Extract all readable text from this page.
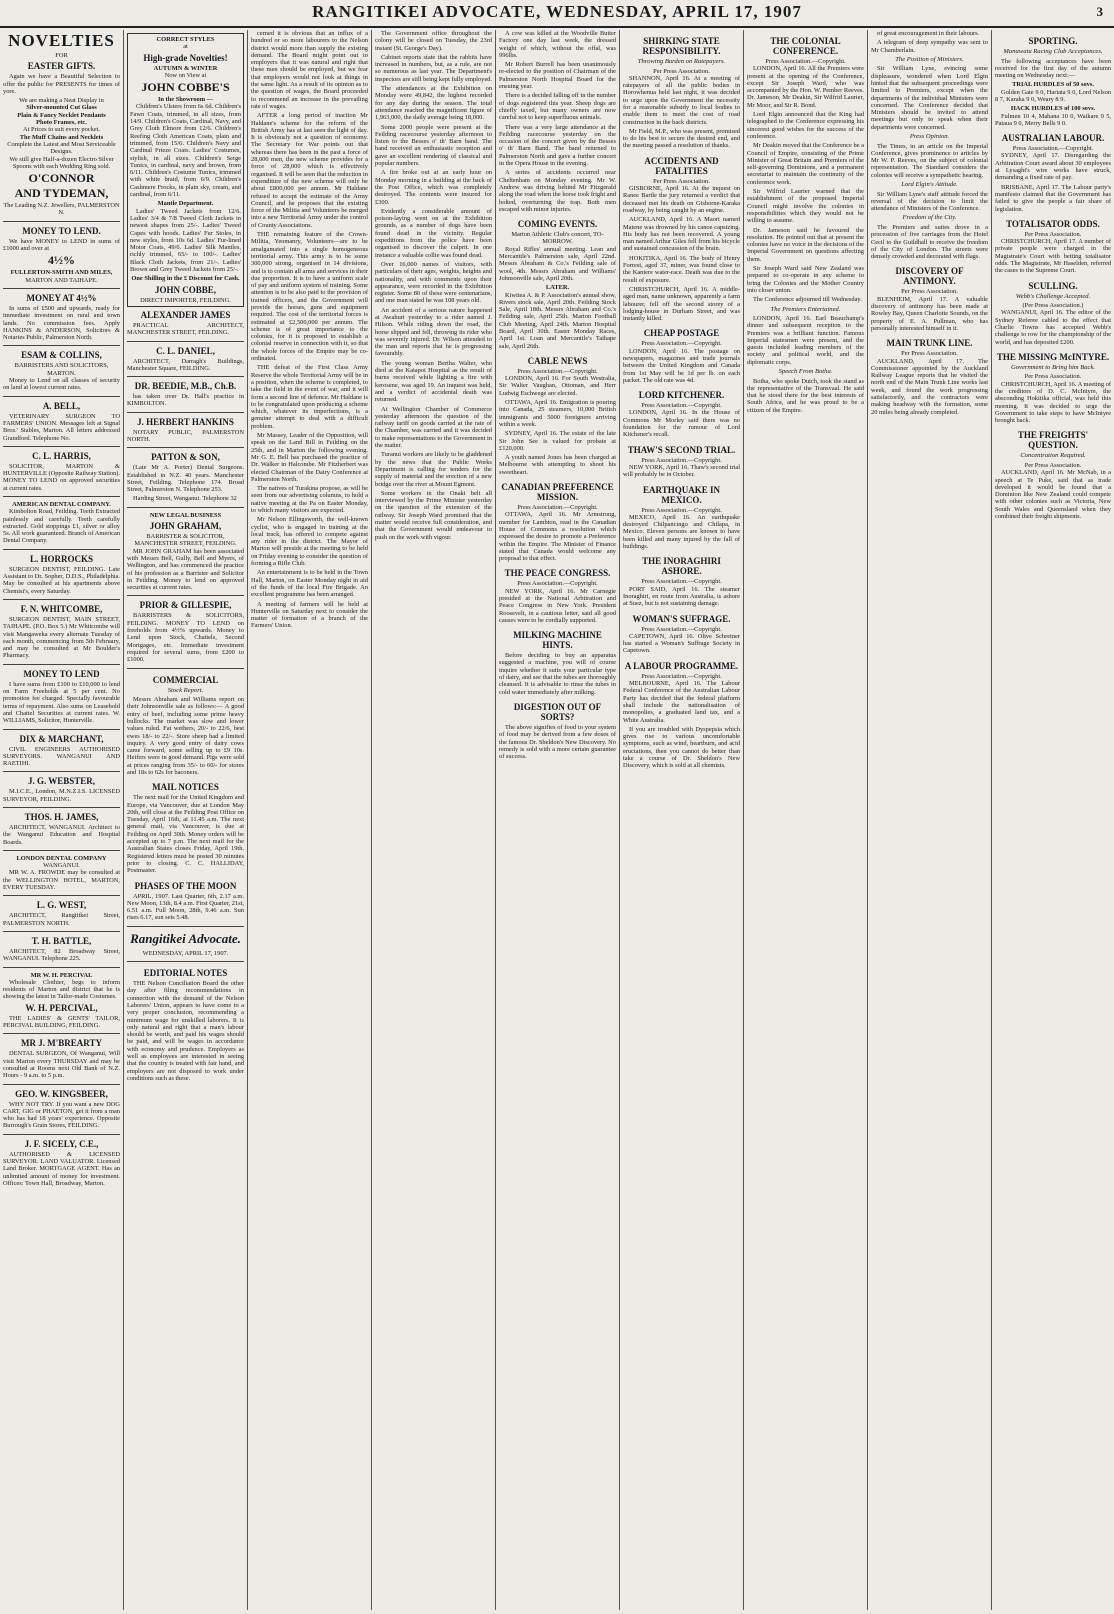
RANGITIKEI ADVOCATE, WEDNESDAY, APRIL 17, 1907	3
NOVELTIES
FOR
EASTER GIFTS.

Again we have a Beautiful Selection to offer the public for PRESENTS for times of yore.

We are making a Neat Display in
Silver-mounted Cut Glass
Plain & Fancy Necklet Pendants
Photo Frames, etc.
At Prices to suit every pocket.
The Muff Chains and Necklets
Complete the Latest and Most Serviceable Designs.
We still give Half-a-dozen Electro Silver Spoons with each Wedding Ring sold.
O'CONNOR
AND TYDEMAN,
The Leading N.Z. Jewellers, PALMERSTON N.
MONEY TO LEND.

We have MONEY to LEND in sums of £1000 and over at

4½%
FULLERTON-SMITH AND MILES,
MARTON AND TAIHAPE.
MONEY AT 4½%

In sums of £500 and upwards, ready for immediate investment on rural and town lands. No commission fees. Apply HANKINS & ANDERSON, Solicitors & Notaries Public, Palmerston North.

ESAM & COLLINS,
BARRISTERS AND SOLICITORS, MARTON.

Money to Lend on all classes of security on land at lowest current rates.

A. BELL,

VETERINARY SURGEON TO FARMERS' UNION. Messages left at Signal Bros.' Stables, Marton. All letters addressed Grandford. Telephone No.

C. L. HARRIS,

SOLICITOR, MARTON & HUNTERVILLE (Opposite Railway Station). MONEY TO LEND on approved securities at current rates.

AMERICAN DENTAL COMPANY.

Kimbolton Road, Feilding. Teeth Extracted painlessly and carefully. Teeth carefully extracted. Gold stoppings £1, silver or alloy 5s. All work guaranteed. Branch of American Dental Company.

L. HORROCKS

SURGEON DENTIST, FEILDING. Late Assistant to Dr. Sopher, D.D.S., Philadelphia. May be consulted at his apartments above Chemist's, every Saturday.

F. N. WHITCOMBE,

SURGEON DENTIST, MAIN STREET, TAIHAPE. (P.O. Box 5.) Mr Whitcombe will visit Mangaweka every alternate Tuesday of each month, commencing from 5th February, and may be consulted at Mr Boulder's Pharmacy.

MONEY TO LEND

I have sums from £100 to £10,000 to lend on Farm Freeholds at 5 per cent. No promotion fee charged. Specially favourable terms of repayment. Also sums on Leasehold and Chattel Securities at current rates. W. WILLIAMS, Solicitor, Hunterville.

DIX & MARCHANT,

CIVIL ENGINEERS AUTHORISED SURVEYORS. WANGANUI AND RAETIHI.

J. G. WEBSTER,

M.I.C.E., London, M.N.Z.I.S. LICENSED SURVEYOR, FEILDING.

THOS. H. JAMES,

ARCHITECT, WANGANUI. Architect to the Wanganui Education and Hospital Boards.

LONDON DENTAL COMPANY
WANGANUI.

MR W. A. FROWDE may be consulted at the WELLINGTON HOTEL, MARTON, EVERY TUESDAY.

L. G. WEST,

ARCHITECT, Rangitikei Street, PALMERSTON NORTH.

T. H. BATTLE,

ARCHITECT, 82 Broadway Street, WANGANUI. Telephone 225.

MR W. H. PERCIVAL

Wholesale Clothier, begs to inform residents of Marton and district that he is showing the latest in Tailor-made Costumes.

W. H. PERCIVAL,

THE LADIES' & GENTS' TAILOR, PERCIVAL BUILDING, FEILDING.

MR J. M'BREARTY

DENTAL SURGEON, Of Wanganui, Will visit Marton every THURSDAY and may be consulted at Rooms next Old Bank of N.Z. Hours - 9 a.m. to 5 p.m.

GEO. W. KINGSBEER,

WHY NOT TRY. If you want a new DOG CART, GIG or PHAETON, get it from a man who has had 18 years' experience. Opposite Burrough's Grain Stores, FEILDING.

J. F. SICELY, C.E.,

AUTHORISED & LICENSED SURVEYOR. LAND VALUATOR. Licensed Land Broker. MORTGAGE AGENT. Has an unlimited amount of money for investment. Offices: Town Hall, Broadway, Marton.

CORRECT STYLES
at
High-grade Novelties!
AUTUMN & WINTER
Now on View at
JOHN COBBE'S
In the Showroom —

Children's Ulsters from 6s 6d. Children's Fawn Coats, trimmed, in all sizes, from 14/9. Children's Coats, Cardinal, Navy, and Grey Cloth Elmore from 12/6. Children's Reefing Cloth American Coats, plain and trimmed, from 15/6. Children's Navy and Cardinal Frieze Coats. Ladies' Costumes, stylish, in all sizes. Children's Serge Tunics, in cardinal, navy and brown, from 6/11. Children's Costume Tunics, trimmed with white braid, from 6/9. Children's Cashmere Frocks, in plain sky, cream, and cardinal, from 6/11.

Mantle Department.

Ladies' Tweed Jackets from 12/6. Ladies' 3/4 & 7/8 Tweed Cloth Jackets in newest shapes from 25/-. Ladies' Tweed Capes with hoods. Ladies' Fur Stoles, in new styles, from 10s 6d. Ladies' Fur-lined Motor Coats, 49/6. Ladies' Silk Mantles, richly trimmed, 65/- to 100/-. Ladies' Black Cloth Jackets, from 21/-. Ladies' Brown and Grey Tweed Jackets from 25/-.

One Shilling in the £ Discount for Cash.
JOHN COBBE,
DIRECT IMPORTER, FEILDING.
ALEXANDER JAMES

PRACTICAL ARCHITECT, MANCHESTER STREET, FEILDING.

C. L. DANIEL,

ARCHITECT, Darragh's Buildings, Manchester Square, FEILDING.

DR. BEEDIE, M.B., Ch.B.

has taken over Dr. Hall's practice in KIMBOLTON.

J. HERBERT HANKINS

NOTARY PUBLIC, PALMERSTON NORTH.

PATTON & SON,

(Late Mr A. Porter) Dental Surgeons. Established in N.Z. 40 years. Manchester Street, Feilding. Telephone 174. Broad Street, Palmerston N. Telephone 253.

Harding Street, Wanganui. Telephone 32

NEW LEGAL BUSINESS
JOHN GRAHAM,
BARRISTER & SOLICITOR, MANCHESTER STREET, FEILDING.

MR JOHN GRAHAM has been associated with Messrs Bell, Gully, Bell and Myers, of Wellington, and has commenced the practice of his profession as a Barrister and Solicitor in Feilding. Money to lend on approved securities at current rates.

PRIOR & GILLESPIE,

BARRISTERS & SOLICITORS, FEILDING. MONEY TO LEND on freeholds from 4½% upwards. Money to Lend upon Stock, Chattels, Second Mortgages, etc. Immediate investment required for several sums, from £200 to £1000.

COMMERCIAL
Stock Report.

Messrs Abraham and Williams report on their Johnsonville sale as follows:— A good entry of beef, including some prime heavy bullocks. The market was slow and lower values ruled. Fat wethers, 20/- to 22/6, best ewes 18/- to 22/-. Store sheep had a limited inquiry. A very good entry of dairy cows came forward, some selling up to £9 10s. Heifers were in good demand. Pigs were sold at prices ranging from 35/- to 60/- for stores and 18s to 62s for baconers.

MAIL NOTICES

The next mail for the United Kingdom and Europe, via Vancouver, due at London May 20th, will close at the Feilding Post Office on Tuesday, April 16th, at 11.45 a.m. The next general mail, via Vancouver, is due at Feilding on April 30th. Money orders will be accepted up to 7 p.m. The next mail for the Australian States closes Friday, April 19th. Registered letters must be posted 30 minutes prior to closing. C. C. HALLIDAY, Postmaster.

PHASES OF THE MOON

APRIL, 1907. Last Quarter, 6th, 2.17 a.m. New Moon, 13th, 8.4 a.m. First Quarter, 21st, 6.51 a.m. Full Moon, 28th, 9.46 a.m. Sun rises 6.17, sun sets 5.48.

Rangitikei Advocate.
WEDNESDAY, APRIL 17, 1907.
EDITORIAL NOTES

THE Nelson Conciliation Board the other day after filing recommendations in connection with the demand of the Nelson Laborers' Union, appears to have come to a very proper conclusion, recommending a minimum wage for unskilled laborers. It is only natural and right that a man's labour should be worth, and paid his wages should be paid, and will be wages in accordance with economy and prudence. Employers as well as employees are interested in seeing that the country is treated with fair hand, and employers are not disposed to work under conditions such as these.

cerned it is obvious that an influx of a hundred or so more labourers to the Nelson district would more than supply the existing demand. The Board might point out to employers that it was natural and right that these men should be employed, but we fear that employers would not look at things in the same light. As a result of its opinion as to the question of wages, the Board proceeded to recommend an increase in the prevailing rate of wages.

AFTER a long period of inaction Mr Haldane's scheme for the reform of the British Army has at last seen the light of day. It is obviously not a question of economy. The Secretary for War points out that whereas there has been in the past a force of 28,000 men, the new scheme provides for a force of 28,000 which is effectively organised. It will be seen that the reduction in expenditure of the new scheme will only be about £800,000 per annum. Mr Haldane refused to accept the estimate of the Army Council, and he proposes that the existing force of the Militia and Volunteers be merged into a new Territorial Army under the control of County Associations.

THE remaining feature of the Crown-Militia, Yeomanry, Volunteers—are to be amalgamated into a single homogeneous territorial army. This army is to be some 300,000 strong, organised in 14 divisions, and is to contain all arms and services in their due proportion. It is to have a uniform scale of pay and uniform system of training. Some attention is to be also paid to the provision of trained officers, and the Government will provide the horses, guns and equipment required. The cost of the territorial forces is estimated at £2,500,000 per annum. The scheme is of great importance to the colonies, for it is proposed to establish a colonial reserve in connection with it, so that the whole forces of the Empire may be co-ordinated.

THE defeat of the First Class Army Reserve the whole Territorial Army will be in a position, when the scheme is completed, to take the field in the event of war, and it will form a second line of defence. Mr Haldane is to be congratulated upon producing a scheme which, whatever its imperfections, is a genuine attempt to deal with a difficult problem.

Mr Massey, Leader of the Opposition, will speak on the Land Bill in Feilding on the 25th, and in Marton the following evening. Mr G. E. Bell has purchased the practice of Dr. Walker in Halcombe. Mr Fitzherbert was elected Chairman of the Dairy Conference at Palmerston North.

The natives of Turakina propose, as will be seen from our advertising columns, to hold a native meeting at the Pa on Easter Monday, to which many visitors are expected.

Mr Nelson Ellingsworth, the well-known cyclist, who is engaged in training at the local track, has offered to compete against any rider in the district. The Mayor of Marton will preside at the meeting to be held on Friday evening to consider the question of forming a Rifle Club.

An entertainment is to be held in the Town Hall, Marton, on Easter Monday night in aid of the funds of the local Fire Brigade. An excellent programme has been arranged.

A meeting of farmers will be held at Hunterville on Saturday next to consider the matter of formation of a branch of the Farmers' Union.

The Government office throughout the colony will be closed on Tuesday, the 23rd instant (St. George's Day).

Cabinet reports state that the rabbits have increased in numbers, but, as a rule, are not so numerous as last year. The Department's inspectors are still being kept fully employed.

The attendances at the Exhibition on Monday were 49,842, the highest recorded for any day during the season. The total attendance reached the magnificent figure of 1,963,000, the daily average being 18,000.

Some 2000 people were present at the Feilding racecourse yesterday afternoon to listen to the Besses o' th' Barn band. The band received an enthusiastic reception and gave an excellent rendering of classical and popular numbers.

A fire broke out at an early hour on Monday morning in a building at the back of the Post Office, which was completely destroyed. The contents were insured for £300.

Evidently a considerable amount of poison-laying went on at the Exhibition grounds, as a number of dogs have been found dead in the vicinity. Regular expeditions from the police have been organised to discover the culprit. In one instance a valuable collie was found dead.

Over 16,000 names of visitors, with particulars of their ages, weights, heights and nationality, and with comments upon their appearance, were recorded in the Exhibition register. Some 80 of these were centenarians, and one man stated he was 108 years old.

An accident of a serious nature happened at Awahuri yesterday to a rider named J. Hilson. While riding down the road, the horse slipped and fell, throwing its rider who was severely injured. Dr. Wilson attended to the man and reports that he is progressing favourably.

The young woman Bertha Walter, who died at the Kaiapoi Hospital as the result of burns received while lighting a fire with kerosene, was aged 19. An inquest was held, and a verdict of accidental death was returned.

At Wellington Chamber of Commerce yesterday afternoon the question of the railway tariff on goods carried at the rate of the Chamber, was carried and it was decided to make representations to the Government in the matter.

Turanui workers are likely to be gladdened by the news that the Public Works Department is calling for tenders for the supply of material and the erection of a new bridge over the river at Mount Egmont.

Some workers in the Onaki belt all interviewed by the Prime Minister yesterday on the question of the extension of the railway. Sir Joseph Ward promised that the matter would receive full consideration, and that the Government would endeavour to push on the work with vigour.

A cow was killed at the Woodville Butter Factory one day last week, the dressed weight of which, without the offal, was 996lbs.

Mr Robert Burrell has been unanimously re-elected to the position of Chairman of the Palmerston North Hospital Board for the ensuing year.

There is a decided falling off in the number of dogs registered this year. Sheep dogs are chiefly taxed, but many owners are now careful not to keep superfluous animals.

There was a very large attendance at the Feilding racecourse yesterday on the occasion of the concert given by the Besses o' th' Barn Band. The band returned to Palmerston North and gave a further concert in the Opera House in the evening.

A series of accidents occurred near Cheltenham on Monday evening. Mr W. Andrew was driving behind Mr Fitzgerald along the road when the horse took fright and bolted, overturning the trap. Both men escaped with minor injuries.

COMING EVENTS.
Marton Athletic Club's concert, TO-MORROW.

Royal Rifles' annual meeting. Lean and Mercantile's Palmerston sale, April 22nd. Messrs Abraham & Co.'s Feilding sale of wool, 4th. Messrs Abraham and Williams' Johnsonville sale, April 20th.

LATER.

Kiwitea A. & P. Association's annual show, Rivers stock sale, April 20th. Feilding Stock Sale, April 18th. Messrs Abraham and Co.'s Feilding sale, April 25th. Marton Football Club Meeting, April 24th. Marton Hospital Board, April 30th. Easter Monday Races, April 1st. Loan and Mercantile's Taihape sale, April 26th.

CABLE NEWS
Press Association.—Copyright.

LONDON, April 16. For South Westralia, Sir Walter Vaughan, Ottoman, and Herr Ludwig Eschwege are elected.

OTTAWA, April 16. Emigration is pouring into Canada, 25 steamers, 10,000 British immigrants and 5000 foreigners arriving within a week.

SYDNEY, April 16. The estate of the late Sir John See is valued for probate at £120,000.

A youth named Jones has been charged at Melbourne with attempting to shoot his sweetheart.

CANADIAN PREFERENCE MISSION.
Press Association.—Copyright.

OTTAWA, April 16. Mr Armstrong, member for Lambton, read in the Canadian House of Commons a resolution which expressed the desire to promote a Preference within the Empire. The Minister of Finance stated that Canada would welcome any proposal to that effect.

THE PEACE CONGRESS.
Press Association.—Copyright.

NEW YORK, April 16. Mr Carnegie presided at the National Arbitration and Peace Congress in New York. President Roosevelt, in a cautious letter, said all good causes were to be cordially supported.

MILKING MACHINE HINTS.

Before deciding to buy an apparatus suggested a machine, you will of course inquire whether it suits your particular type of dairy, and see that the tubes are thoroughly cleansed. It is advisable to rinse the tubes in cold water immediately after milking.

DIGESTION OUT OF SORTS?

The above signifies of food to your system of food may be derived from a few doses of the famous Dr. Sheldon's New Discovery. No remedy is sold with a more certain guarantee of success.

SHIRKING STATE RESPONSIBILITY.
Throwing Burden on Ratepayers.
Per Press Association.

SHANNON, April 16. At a meeting of ratepayers of all the public bodies in Horowhenua held last night, it was decided to urge upon the Government the necessity for a reasonable subsidy to local bodies to enable them to meet the cost of road construction in the back districts.

Mr Field, M.P., who was present, promised to do his best to secure the desired end, and the meeting passed a resolution of thanks.

ACCIDENTS AND FATALITIES
Per Press Association.

GISBORNE, April 16. At the inquest on Ranee Bartle the jury returned a verdict that deceased met his death on Gisborne-Karaka roadway, by being caught by an engine.

AUCKLAND, April 16. A Maori named Matene was drowned by his canoe capsizing. His body has not been recovered. A young man named Arthur Giles fell from his bicycle and sustained concussion of the brain.

HOKITIKA, April 16. The body of Henry Forrest, aged 37, miner, was found close to the Kaniere water-race. Death was due to the result of exposure.

CHRISTCHURCH, April 16. A middle-aged man, name unknown, apparently a farm labourer, fell off the second storey of a lodging-house in Durham Street, and was instantly killed.

CHEAP POSTAGE
Press Association.—Copyright.

LONDON, April 16. The postage on newspapers, magazines and trade journals between the United Kingdom and Canada from 1st May will be 1d per lb. on each packet. The old rate was 4d.

LORD KITCHENER.
Press Association.—Copyright.

LONDON, April 16. In the House of Commons Mr Morley said there was no foundation for the rumour of Lord Kitchener's recall.

THAW'S SECOND TRIAL.
Press Association.—Copyright.

NEW YORK, April 16. Thaw's second trial will probably be in October.

EARTHQUAKE IN MEXICO.
Press Association.—Copyright.

MEXICO, April 16. An earthquake destroyed Chilpancingo and Chilapa, in Mexico. Eleven persons are known to have been killed and many injured by the fall of buildings.

THE INORAGHIRI ASHORE.
Press Association.—Copyright.

PORT SAID, April 16. The steamer Inoraghiri, en route from Australia, is ashore at Suez, but is not sustaining damage.

WOMAN'S SUFFRAGE.
Press Association.—Copyright.

CAPETOWN, April 16. Olive Schreiner has started a Woman's Suffrage Society in Capetown.

A LABOUR PROGRAMME.
Press Association.—Copyright.

MELBOURNE, April 16. The Labour Federal Conference of the Australian Labour Party has decided that the federal platform shall include the nationalisation of monopolies, a graduated land tax, and a White Australia.

If you are troubled with Dyspepsia which gives rise to various uncomfortable symptoms, such as wind, heartburn, and acid eructations, then you cannot do better than take a course of Dr. Sheldon's New Discovery, which is sold at all chemists.

THE COLONIAL CONFERENCE.
Press Association.—Copyright.

LONDON, April 16. All the Premiers were present at the opening of the Conference, except Sir Joseph Ward, who was accompanied by the Hon. W. Pember Reeves. Dr. Jameson, Mr Deakin, Sir Wilfrid Laurier, Mr Moor, and Sir R. Bond.

Lord Elgin announced that the King had telegraphed to the Conference expressing his sincerest good wishes for the success of the conference.

Mr Deakin moved that the Conference be a Council of Empire, consisting of the Prime Minister of Great Britain and Premiers of the self-governing Dominions, and a permanent secretariat to maintain the continuity of the conference work.

Sir Wilfrid Laurier warned that the establishment of the proposed Imperial Council might involve the colonies in responsibilities which they would not be willing to assume.

Dr. Jameson said he favoured the resolution. He pointed out that at present the colonies have no voice in the decisions of the Imperial Government on questions affecting them.

Sir Joseph Ward said New Zealand was prepared to co-operate in any scheme to bring the Colonies and the Mother Country into closer union.

The Conference adjourned till Wednesday.

The Premiers Entertained.

LONDON, April 16. Earl Beauchamp's dinner and subsequent reception to the Premiers was a brilliant function. Famous Imperial statesmen were present, and the guests included leading members of the society and political world, and the diplomatic corps.

Speech From Botha.

Botha, who spoke Dutch, took the stand as the representative of the Transvaal. He said that he stood there for the best interests of South Africa, and he was proud to be a citizen of the Empire.

of great encouragement in their labours.

A telegram of deep sympathy was sent to Mr Chamberlain.

The Position of Ministers.

Sir William Lyne, evincing some displeasure, wondered when Lord Elgin hinted that the subsequent proceedings were limited to Premiers, except when the departments of the individual Ministers were concerned. The Conference decided that Ministers should be invited to attend meetings but only to speak when their departments were concerned.

Press Opinion.

The Times, in an article on the Imperial Conference, gives prominence to articles by Mr W. P. Reeves, on the subject of colonial representation. The Standard considers the colonies will receive a sympathetic hearing.

Lord Elgin's Attitude.

Sir William Lyne's staff attitude forced the reversal of the decision to limit the attendance of Ministers of the Conference.

Freedom of the City.

The Premiers and suites drove in a procession of five carriages from the Hotel Cecil to the Guildhall to receive the freedom of the City of London. The streets were densely crowded and decorated with flags.

DISCOVERY OF ANTIMONY.
Per Press Association.

BLENHEIM, April 17. A valuable discovery of antimony has been made at Rowley Bay, Queen Charlotte Sounds, on the property of E. A. Pullman, who has personally interested himself in it.

MAIN TRUNK LINE.
Per Press Association.

AUCKLAND, April 17. The Commissioner appointed by the Auckland Railway League reports that he visited the north end of the Main Trunk Line works last week, and found the work progressing satisfactorily, and the contractors were making headway with the formation, some 20 miles being already completed.

SPORTING.
Manawatu Racing Club Acceptances.

The following acceptances have been received for the first day of the autumn meeting on Wednesday next:—

TRIAL HURDLES of 50 sovs.

Golden Gate 9 0, Hariata 9 0, Lord Nelson 8 7, Karaka 9 0, Weary 8 9.

HACK HURDLES of 100 sovs.

Fulmen 10 4, Mahana 10 0, Waikare 9 5, Pataua 9 0, Merry Bells 9 0.

AUSTRALIAN LABOUR.
Press Association.—Copyright.

SYDNEY, April 17. Disregarding the Arbitration Court award about 30 employees at Lysaght's wire works have struck, demanding a fixed rate of pay.

BRISBANE, April 17. The Labour party's manifesto claimed that the Government has failed to give the people a fair share of legislation.

TOTALISATOR ODDS.
Per Press Association.

CHRISTCHURCH, April 17. A number of private people were charged in the Magistrate's Court with betting totalisator odds. The Magistrate, Mr Haselden, referred the cases to the Supreme Court.

SCULLING.
Webb's Challenge Accepted.
(Per Press Association.)

WANGANUI, April 16. The editor of the Sydney Referee cabled to the effect that Charlie Towns has accepted Webb's challenge to row for the championship of the world, and has deposited £200.

THE MISSING McINTYRE.
Government to Bring him Back.
Per Press Association.

CHRISTCHURCH, April 16. A meeting of the creditors of D. C. McIntyre, the absconding Hokitika official, was held this morning. It was decided to urge the Government to take steps to have McIntyre brought back.

THE FREIGHTS' QUESTION.
Concentration Required.
Per Press Association.

AUCKLAND, April 16. Mr McNab, in a speech at Te Puke, said that as trade developed it would be found that a Dominion like New Zealand could compete with other colonies such as Victoria, New South Wales and Queensland when they combined their freight shipments.
